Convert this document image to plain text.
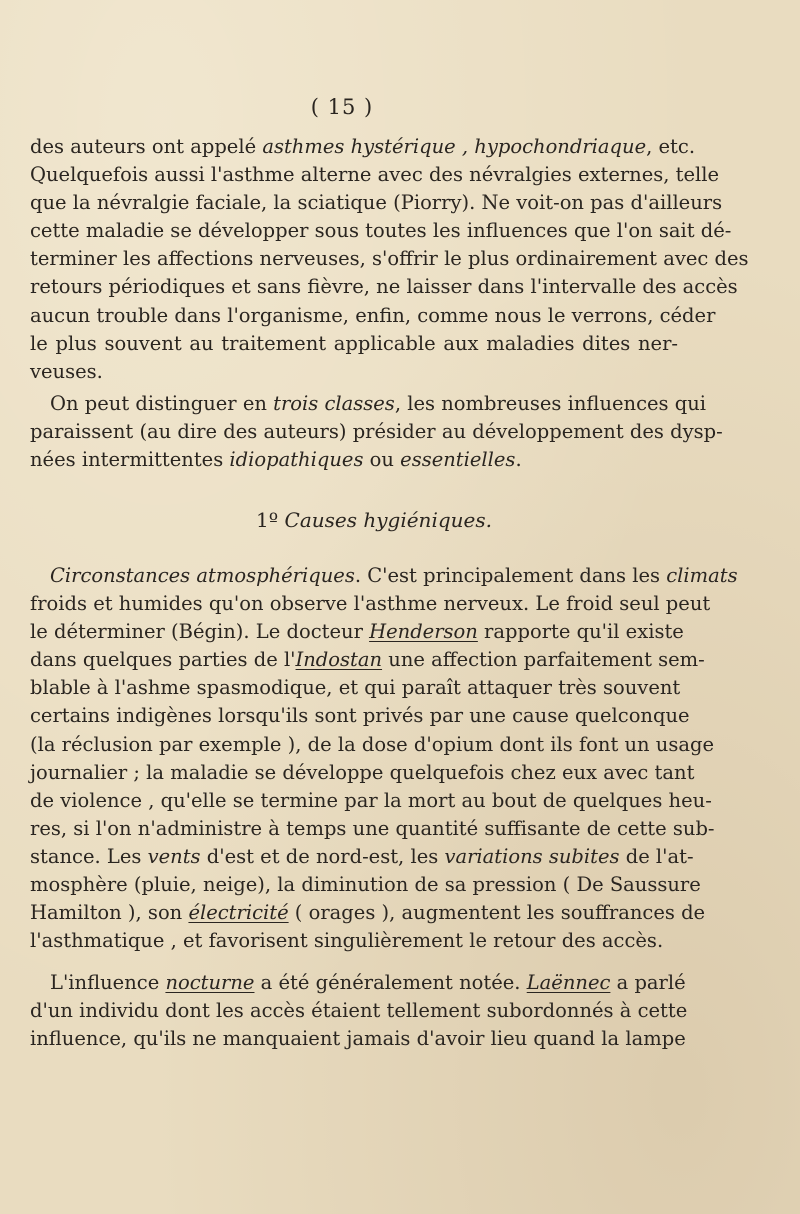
( 15 )
des auteurs ont appelé asthmes hystérique , hypochondriaque, etc.
Quelquefois aussi l'asthme alterne avec des névralgies externes, telle
que la névralgie faciale, la sciatique (Piorry). Ne voit-on pas d'ailleurs
cette maladie se développer sous toutes les influences que l'on sait dé-
terminer les affections nerveuses, s'offrir le plus ordinairement avec des
retours périodiques et sans fièvre, ne laisser dans l'intervalle des accès
aucun trouble dans l'organisme, enfin, comme nous le verrons, céder
le plus souvent au traitement applicable aux maladies dites ner-
veuses.
On peut distinguer en trois classes, les nombreuses influences qui
paraissent (au dire des auteurs) présider au développement des dysp-
nées intermittentes idiopathiques ou essentielles.
1º Causes hygiéniques.
Circonstances atmosphériques. C'est principalement dans les climats
froids et humides qu'on observe l'asthme nerveux. Le froid seul peut
le déterminer (Bégin). Le docteur Henderson rapporte qu'il existe
dans quelques parties de l'Indostan une affection parfaitement sem-
blable à l'ashme spasmodique, et qui paraît attaquer très souvent
certains indigènes lorsqu'ils sont privés par une cause quelconque
(la réclusion par exemple ), de la dose d'opium dont ils font un usage
journalier ; la maladie se développe quelquefois chez eux avec tant
de violence , qu'elle se termine par la mort au bout de quelques heu-
res, si l'on n'administre à temps une quantité suffisante de cette sub-
stance. Les vents d'est et de nord-est, les variations subites de l'at-
mosphère (pluie, neige), la diminution de sa pression ( De Saussure
Hamilton ), son électricité ( orages ), augmentent les souffrances de
l'asthmatique , et favorisent singulièrement le retour des accès.
L'influence nocturne a été généralement notée. Laënnec a parlé
d'un individu dont les accès étaient tellement subordonnés à cette
influence, qu'ils ne manquaient jamais d'avoir lieu quand la lampe
